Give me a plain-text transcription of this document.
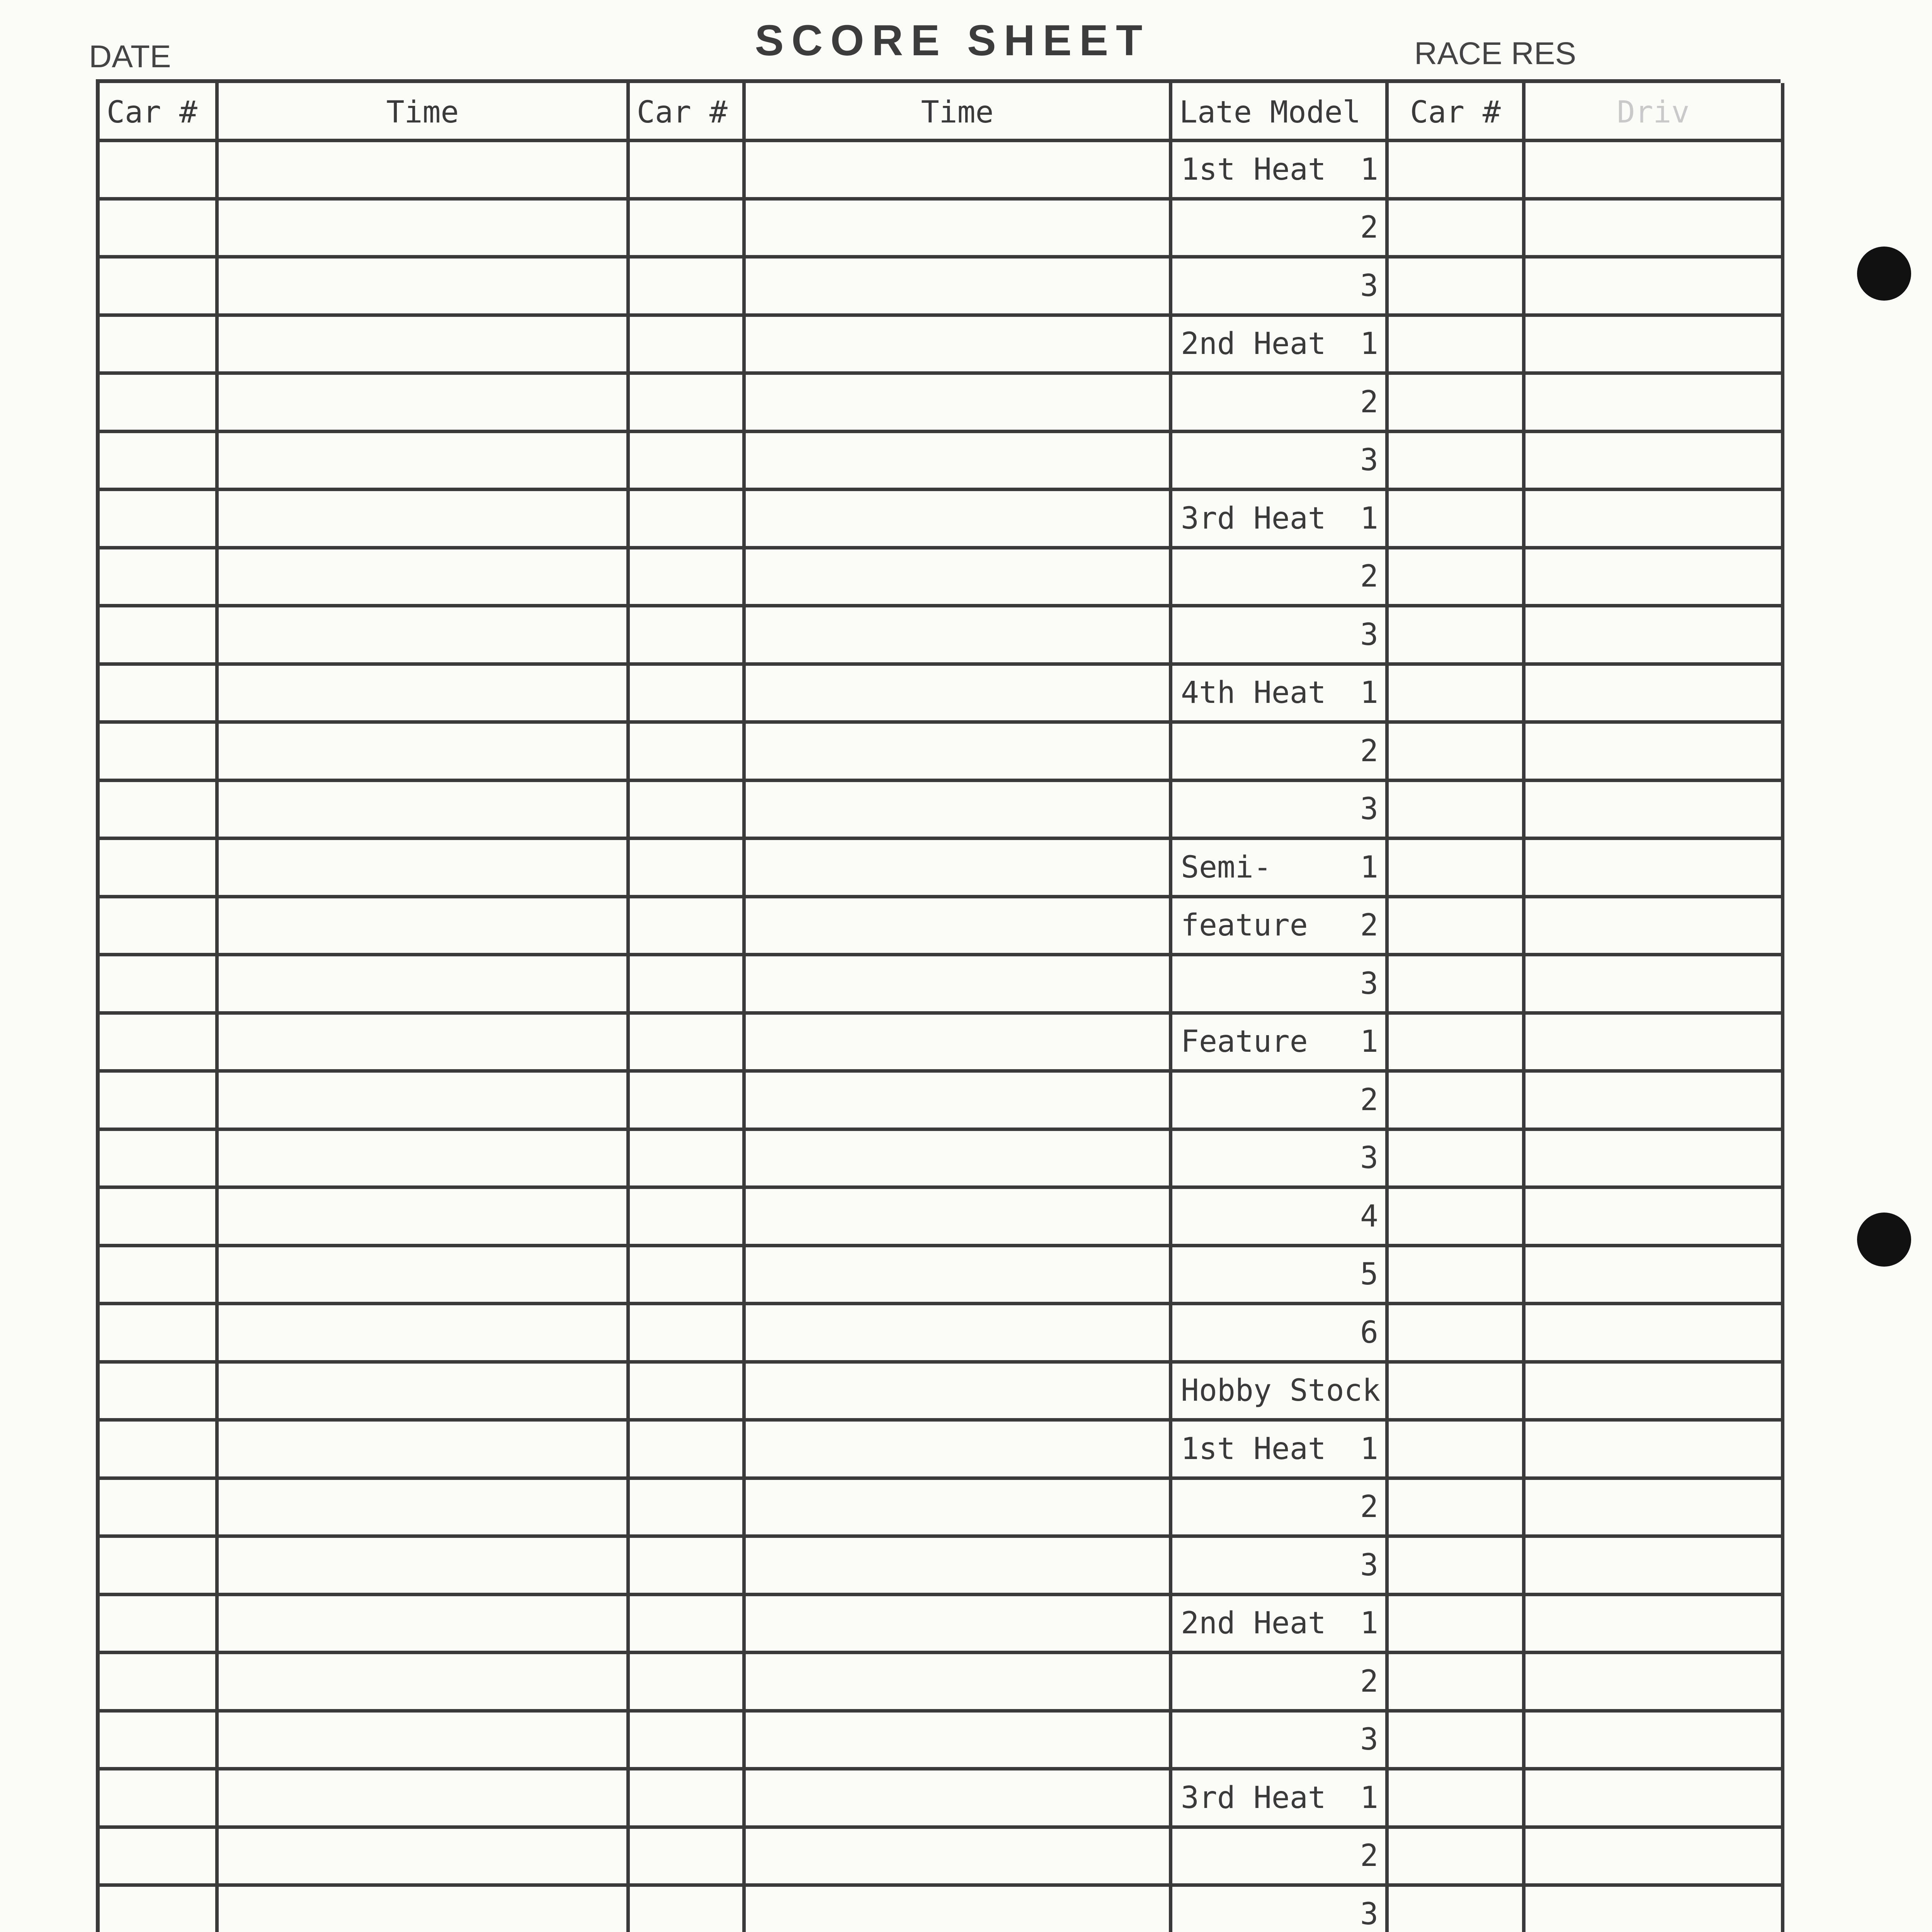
DATE	SCORE SHEET	RACE RES
Car #	Time	Car #	Time	Late Model	Car #	Driv
1st Heat 1
2
3
2nd Heat 1
2
3
3rd Heat 1
2
3
4th Heat 1
2
3
Semi-	1
feature 2
3
Feature 1
2
3
4
5
6
Hobby Stock
1st Heat 1
2
3
2nd Heat 1
2
3
3rd Heat 1
2
3
